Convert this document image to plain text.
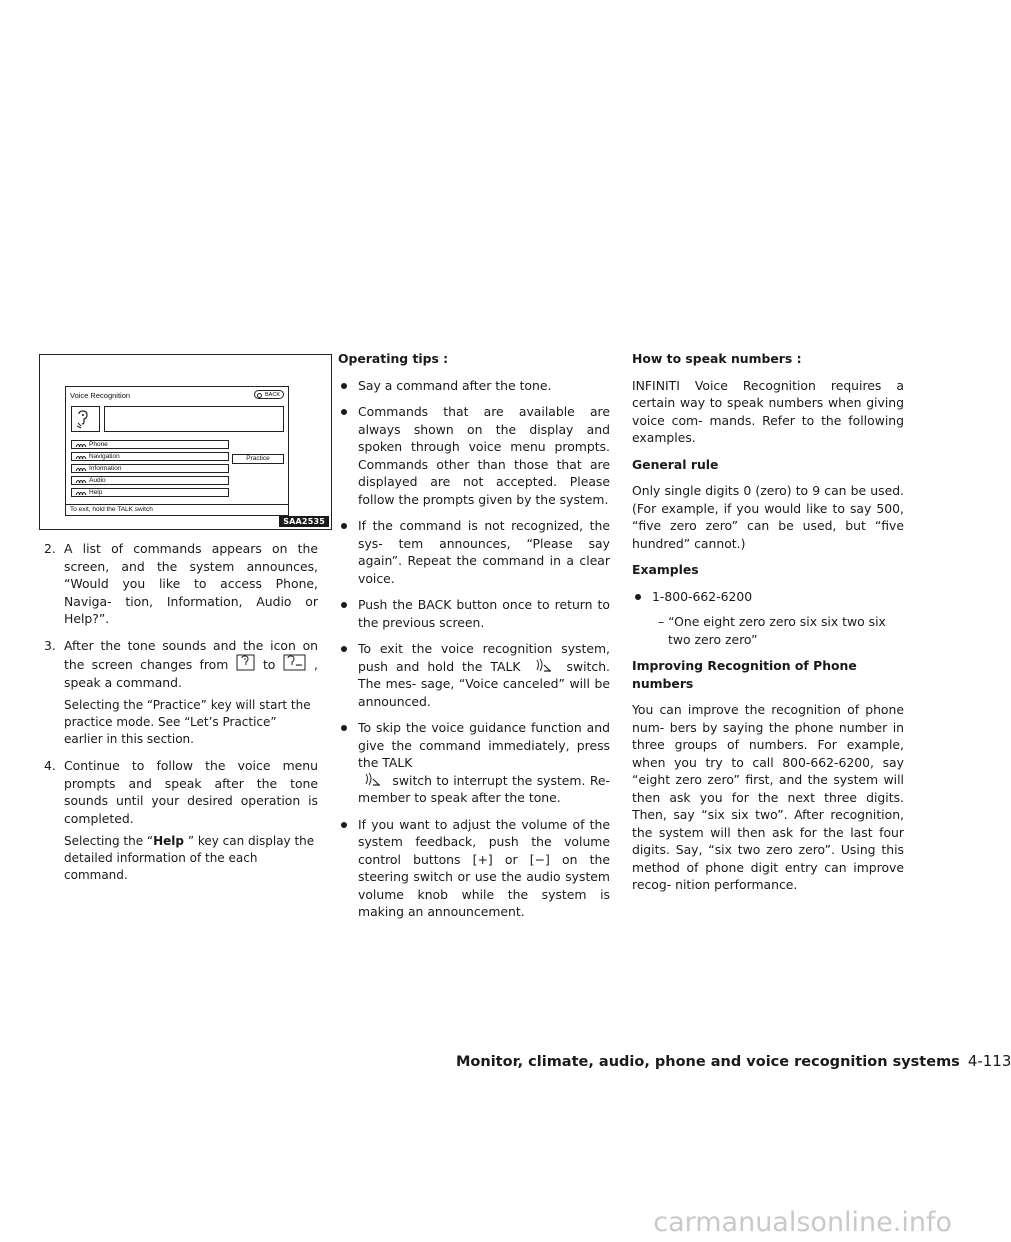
Voice Recognition	BACK
Phone
Navigation
Information
Audio
Help
Practice
To exit, hold the TALK switch
SAA2535
2. A list of commands appears on the screen, and the system announces, “Would you like to access Phone, Naviga- tion, Information, Audio or Help?”.
3. After the tone sounds and the icon on the screen changes from	to	, speak a command.

Selecting the “Practice” key will start the practice mode. See “Let’s Practice” earlier in this section.

4. Continue to follow the voice menu prompts and speak after the tone sounds until your desired operation is completed.

Selecting the “Help ” key can display the detailed information of the each command.

Operating tips :

Say a command after the tone.

Commands that are available are always shown on the display and spoken through voice menu prompts. Commands other than those that are displayed are not accepted. Please follow the prompts given by the system.

If the command is not recognized, the sys- tem announces, “Please say again”. Repeat the command in a clear voice.

Push the BACK button once to return to the previous screen.

To exit the voice recognition system, push and hold the TALK	switch. The mes- sage, “Voice canceled” will be announced.

To skip the voice guidance function and give the command immediately, press the TALK
switch to interrupt the system. Re- member to speak after the tone.

If you want to adjust the volume of the system feedback, push the volume control buttons [+] or [−] on the steering switch or use the audio system volume knob while the system is making an announcement.

How to speak numbers :

INFINITI Voice Recognition requires a certain way to speak numbers when giving voice com- mands. Refer to the following examples.

General rule

Only single digits 0 (zero) to 9 can be used. (For example, if you would like to say 500, “five zero zero” can be used, but “five hundred” cannot.)

Examples

1-800-662-6200

– “One eight zero zero six six two six two zero zero”

Improving Recognition of Phone numbers

You can improve the recognition of phone num- bers by saying the phone number in three groups of numbers. For example, when you try to call 800-662-6200, say “eight zero zero” first, and the system will then ask you for the next three digits. Then, say “six six two”. After recognition, the system will then ask for the last four digits. Say, “six two zero zero”. Using this method of phone digit entry can improve recog- nition performance.

Monitor, climate, audio, phone and voice recognition systems 4-113
carmanualsonline.info
